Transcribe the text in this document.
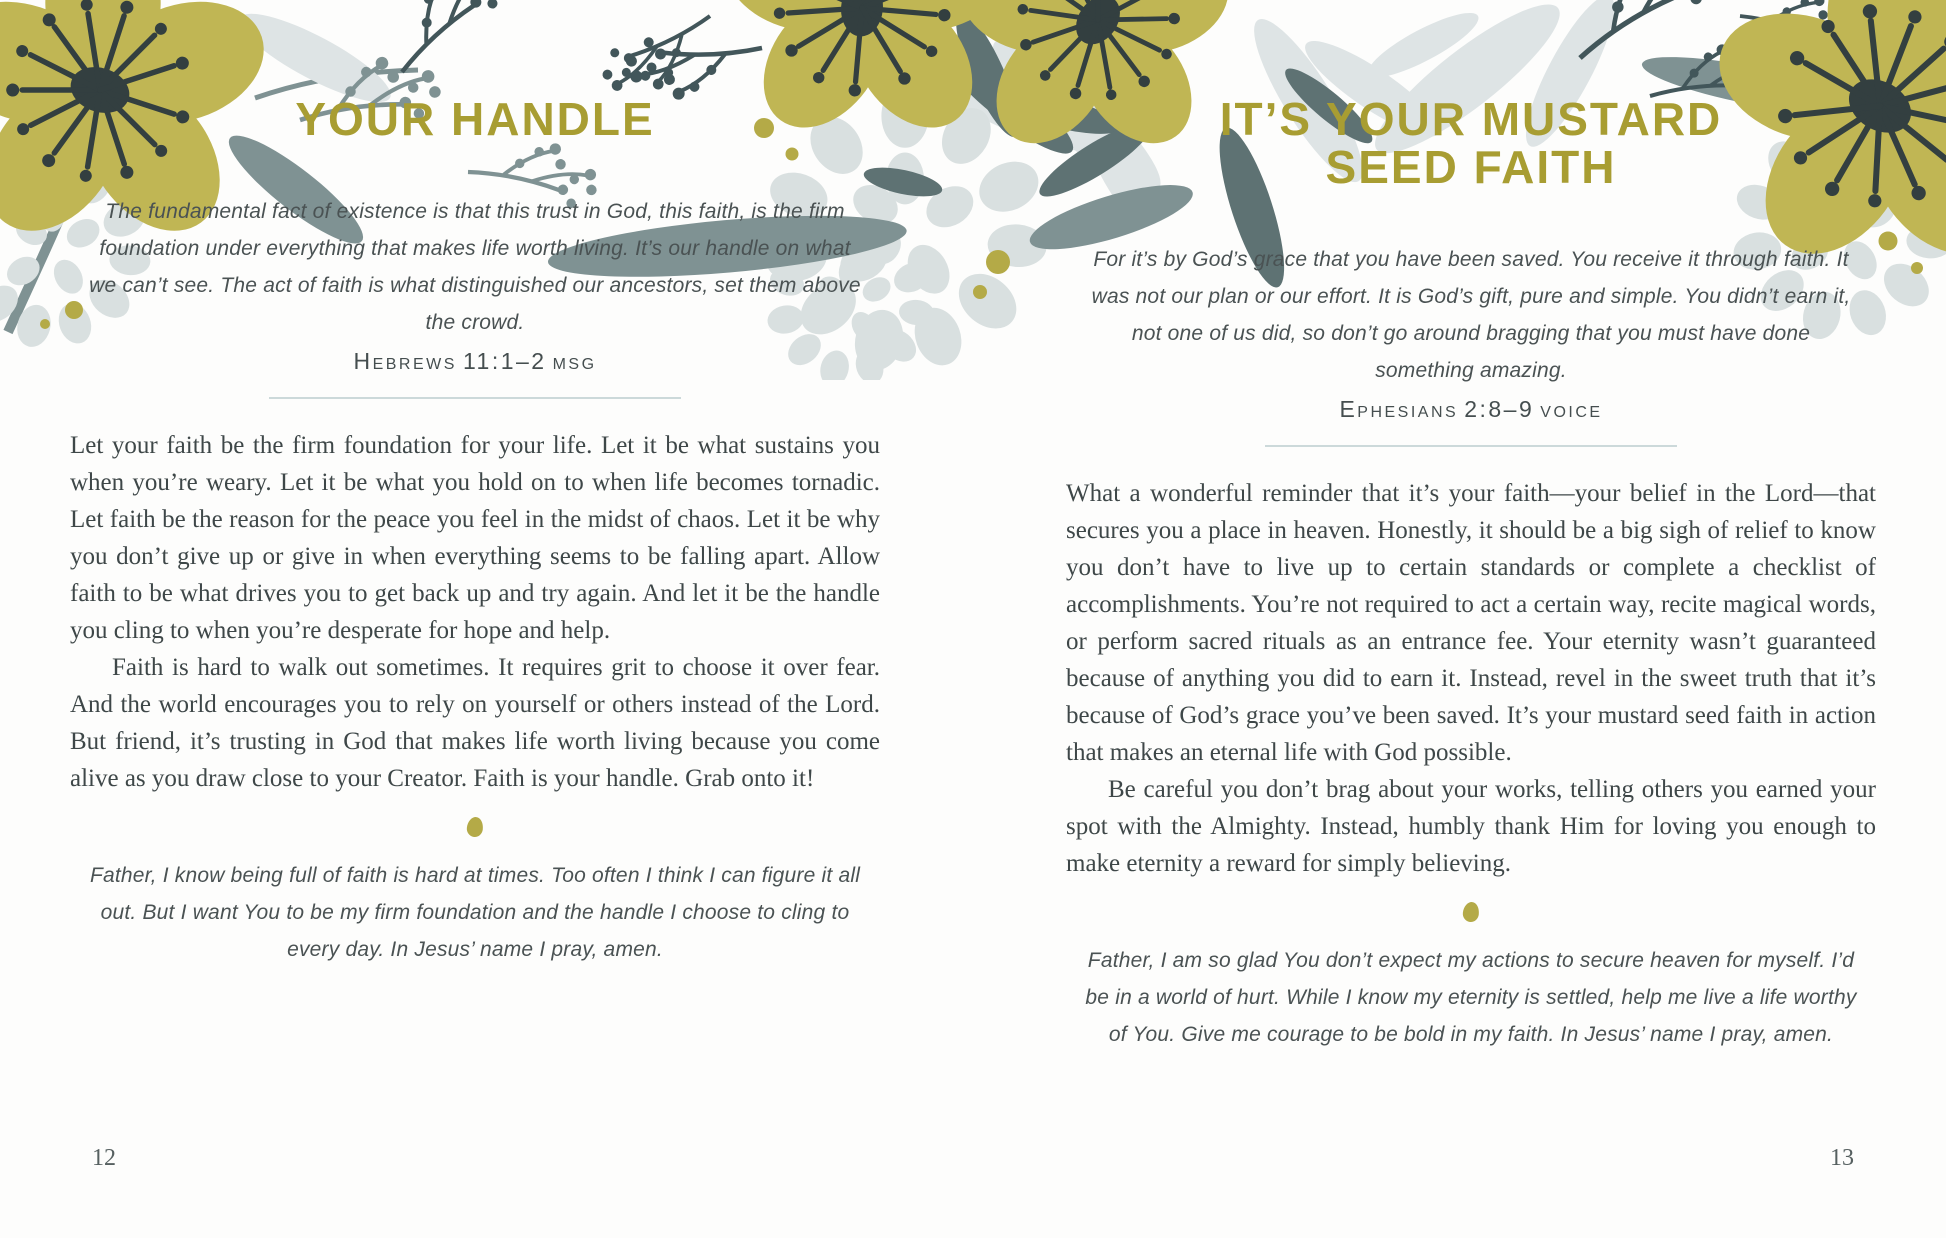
YOUR HANDLE
The fundamental fact of existence is that this trust in God, this faith, is the firm foundation under everything that makes life worth living. It’s our handle on what we can’t see. The act of faith is what distinguished our ancestors, set them above the crowd.
Hebrews 11:1–2 msg

Let your faith be the firm foundation for your life. Let it be what sustains you when you’re weary. Let it be what you hold on to when life becomes tornadic. Let faith be the reason for the peace you feel in the midst of chaos. Let it be why you don’t give up or give in when everything seems to be falling apart. Allow faith to be what drives you to get back up and try again. And let it be the handle you cling to when you’re desperate for hope and help.

Faith is hard to walk out sometimes. It requires grit to choose it over fear. And the world encourages you to rely on yourself or others instead of the Lord. But friend, it’s trusting in God that makes life worth living because you come alive as you draw close to your Creator. Faith is your handle. Grab onto it!

Father, I know being full of faith is hard at times. Too often I think I can figure it all out. But I want You to be my firm foundation and the handle I choose to cling to every day. In Jesus’ name I pray, amen.
IT’S YOUR MUSTARD
SEED FAITH
For it’s by God’s grace that you have been saved. You receive it through faith. It was not our plan or our effort. It is God’s gift, pure and simple. You didn’t earn it, not one of us did, so don’t go around bragging that you must have done something amazing.
Ephesians 2:8–9 voice

What a wonderful reminder that it’s your faith—your belief in the Lord—that secures you a place in heaven. Honestly, it should be a big sigh of relief to know you don’t have to live up to certain standards or complete a checklist of accomplishments. You’re not required to act a certain way, recite magical words, or perform sacred rituals as an entrance fee. Your eternity wasn’t guaranteed because of anything you did to earn it. Instead, revel in the sweet truth that it’s because of God’s grace you’ve been saved. It’s your mustard seed faith in action that makes an eternal life with God possible.

Be careful you don’t brag about your works, telling others you earned your spot with the Almighty. Instead, humbly thank Him for loving you enough to make eternity a reward for simply believing.

Father, I am so glad You don’t expect my actions to secure heaven for myself. I’d be in a world of hurt. While I know my eternity is settled, help me live a life worthy of You. Give me courage to be bold in my faith. In Jesus’ name I pray, amen.
12	13
